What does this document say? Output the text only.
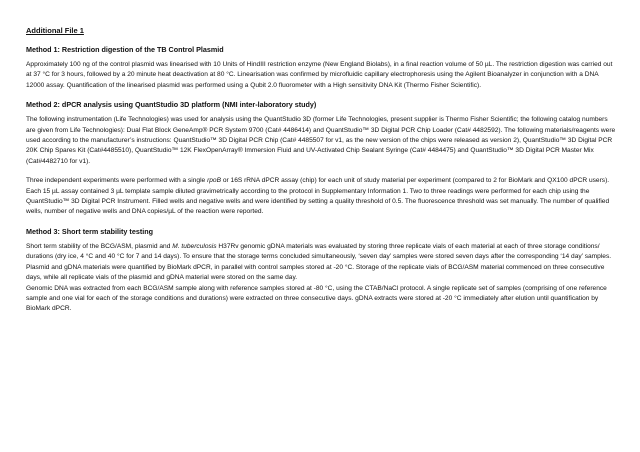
Additional File 1
Method 1: Restriction digestion of the TB Control Plasmid
Approximately 100 ng of the control plasmid was linearised with 10 Units of HindIII restriction enzyme (New England Biolabs), in a final reaction volume of 50 µL. The restriction digestion was carried out at 37 °C for 3 hours, followed by a 20 minute heat deactivation at 80 °C. Linearisation was confirmed by microfluidic capillary electrophoresis using the Agilent Bioanalyzer in conjunction with a DNA 12000 assay. Quantification of the linearised plasmid was performed using a Qubit 2.0 fluorometer with a High sensitivity DNA Kit (Thermo Fisher Scientific).
Method 2: dPCR analysis using QuantStudio 3D platform (NMI inter-laboratory study)
The following instrumentation (Life Technologies) was used for analysis using the QuantStudio 3D (former Life Technologies, present supplier is Thermo Fisher Scientific; the following catalog numbers are given from Life Technologies): Dual Flat Block GeneAmp® PCR System 9700 (Cat# 4486414) and QuantStudio™ 3D Digital PCR Chip Loader (Cat# 4482592). The following materials/reagents were used according to the manufacturer’s instructions: QuantStudio™ 3D Digital PCR Chip (Cat# 4485507 for v1, as the new version of the chips were released as version 2), QuantStudio™ 3D Digital PCR 20K Chip Spares Kit (Cat#4485510), QuantStudio™ 12K FlexOpenArray® Immersion Fluid and UV-Activated Chip Sealant Syringe (Cat# 4484475) and QuantStudio™ 3D Digital PCR Master Mix (Cat#4482710 for v1).
Three independent experiments were performed with a single rpoB or 16S rRNA dPCR assay (chip) for each unit of study material per experiment (compared to 2 for BioMark and QX100 dPCR users). Each 15 µL assay contained 3 µL template sample diluted gravimetrically according to the protocol in Supplementary Information 1. Two to three readings were performed for each chip using the QuantStudio™ 3D Digital PCR Instrument. Filled wells and negative wells and were identified by setting a quality threshold of 0.5. The fluorescence threshold was set manually. The number of qualified wells, number of negative wells and DNA copies/µL of the reaction were reported.
Method 3: Short term stability testing
Short term stability of the BCG/ASM, plasmid and M. tuberculosis H37Rv genomic gDNA materials was evaluated by storing three replicate vials of each material at each of three storage conditions/ durations (dry ice, 4 °C and 40 °C for 7 and 14 days). To ensure that the storage terms concluded simultaneously, ‘seven day’ samples were stored seven days after the corresponding ‘14 day’ samples. Plasmid and gDNA materials were quantified by BioMark dPCR, in parallel with control samples stored at -20 °C. Storage of the replicate vials of BCG/ASM material commenced on three consecutive days, while all replicate vials of the plasmid and gDNA material were stored on the same day.
Genomic DNA was extracted from each BCG/ASM sample along with reference samples stored at -80 °C, using the CTAB/NaCl protocol. A single replicate set of samples (comprising of one reference sample and one vial for each of the storage conditions and durations) were extracted on three consecutive days. gDNA extracts were stored at -20 °C immediately after elution until quantification by BioMark dPCR.
